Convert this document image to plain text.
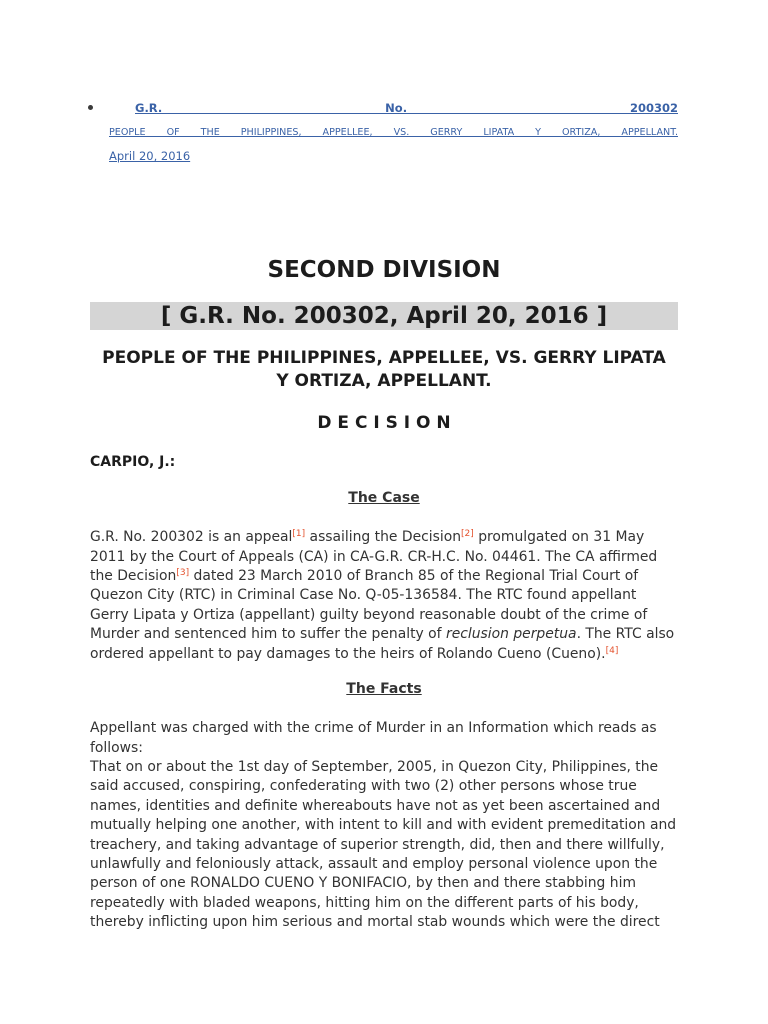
G.R. No. 200302
PEOPLE OF THE PHILIPPINES, APPELLEE, VS. GERRY LIPATA Y ORTIZA, APPELLANT.
April 20, 2016
SECOND DIVISION
[ G.R. No. 200302, April 20, 2016 ]
PEOPLE OF THE PHILIPPINES, APPELLEE, VS. GERRY LIPATA
Y ORTIZA, APPELLANT.
D E C I S I O N
CARPIO, J.:
The Case
G.R. No. 200302 is an appeal[1] assailing the Decision[2] promulgated on 31 May
2011 by the Court of Appeals (CA) in CA-G.R. CR-H.C. No. 04461. The CA affirmed
the Decision[3] dated 23 March 2010 of Branch 85 of the Regional Trial Court of
Quezon City (RTC) in Criminal Case No. Q-05-136584. The RTC found appellant
Gerry Lipata y Ortiza (appellant) guilty beyond reasonable doubt of the crime of
Murder and sentenced him to suffer the penalty of reclusion perpetua. The RTC also
ordered appellant to pay damages to the heirs of Rolando Cueno (Cueno).[4]
The Facts
Appellant was charged with the crime of Murder in an Information which reads as
follows:
That on or about the 1st day of September, 2005, in Quezon City, Philippines, the
said accused, conspiring, confederating with two (2) other persons whose true
names, identities and definite whereabouts have not as yet been ascertained and
mutually helping one another, with intent to kill and with evident premeditation and
treachery, and taking advantage of superior strength, did, then and there willfully,
unlawfully and feloniously attack, assault and employ personal violence upon the
person of one RONALDO CUENO Y BONIFACIO, by then and there stabbing him
repeatedly with bladed weapons, hitting him on the different parts of his body,
thereby inflicting upon him serious and mortal stab wounds which were the direct
